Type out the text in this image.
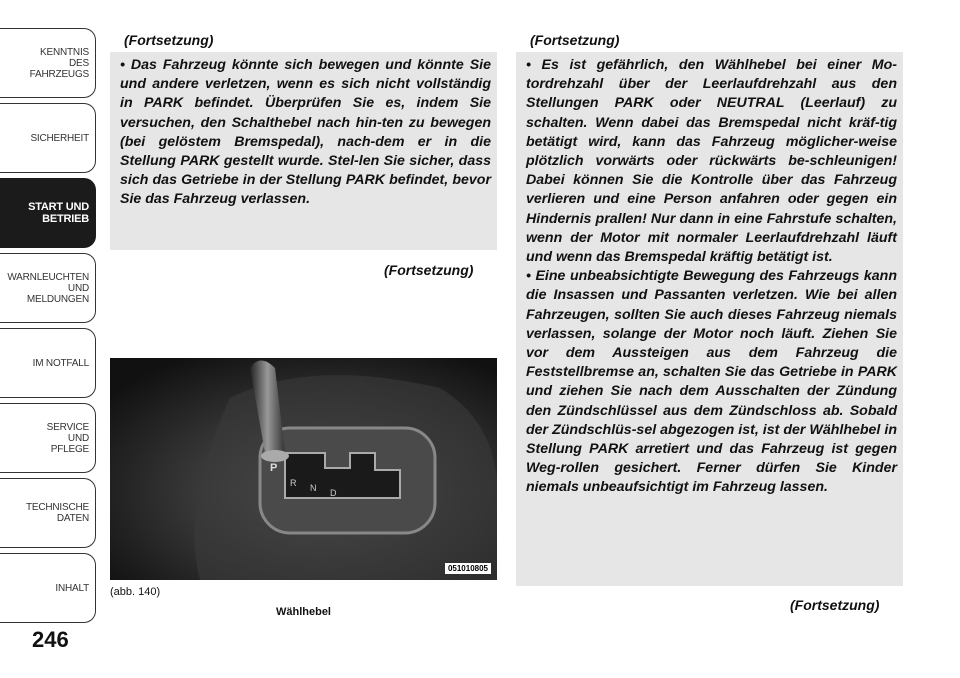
KENNTNIS
DES
FAHRZEUGS
SICHERHEIT
START UND
BETRIEB
WARNLEUCHTEN
UND
MELDUNGEN
IM NOTFALL
SERVICE
UND
PFLEGE
TECHNISCHE
DATEN
INHALT
246
(Fortsetzung)

• Das Fahrzeug könnte sich bewegen und könnte Sie und andere verletzen, wenn es sich nicht vollständig in PARK befindet. Überprüfen Sie es, indem Sie versuchen, den Schalthebel nach hin-ten zu bewegen (bei gelöstem Bremspedal), nach-dem er in die Stellung PARK gestellt wurde. Stel-len Sie sicher, dass sich das Getriebe in der Stellung PARK befindet, bevor Sie das Fahrzeug verlassen.

(Fortsetzung)
P
R N D
051010805
(abb. 140)
Wählhebel
(Fortsetzung)

• Es ist gefährlich, den Wählhebel bei einer Mo-tordrehzahl über der Leerlaufdrehzahl aus den Stellungen PARK oder NEUTRAL (Leerlauf) zu schalten. Wenn dabei das Bremspedal nicht kräf-tig betätigt wird, kann das Fahrzeug möglicher-weise plötzlich vorwärts oder rückwärts be-schleunigen! Dabei können Sie die Kontrolle über das Fahrzeug verlieren und eine Person anfahren oder gegen ein Hindernis prallen! Nur dann in eine Fahrstufe schalten, wenn der Motor mit normaler Leerlaufdrehzahl läuft und wenn das Bremspedal kräftig betätigt ist.

• Eine unbeabsichtigte Bewegung des Fahrzeugs kann die Insassen und Passanten verletzen. Wie bei allen Fahrzeugen, sollten Sie auch dieses Fahrzeug niemals verlassen, solange der Motor noch läuft. Ziehen Sie vor dem Aussteigen aus dem Fahrzeug die Feststellbremse an, schalten Sie das Getriebe in PARK und ziehen Sie nach dem Ausschalten der Zündung den Zündschlüssel aus dem Zündschloss ab. Sobald der Zündschlüs-sel abgezogen ist, ist der Wählhebel in Stellung PARK arretiert und das Fahrzeug ist gegen Weg-rollen gesichert. Ferner dürfen Sie Kinder niemals unbeaufsichtigt im Fahrzeug lassen.

(Fortsetzung)
